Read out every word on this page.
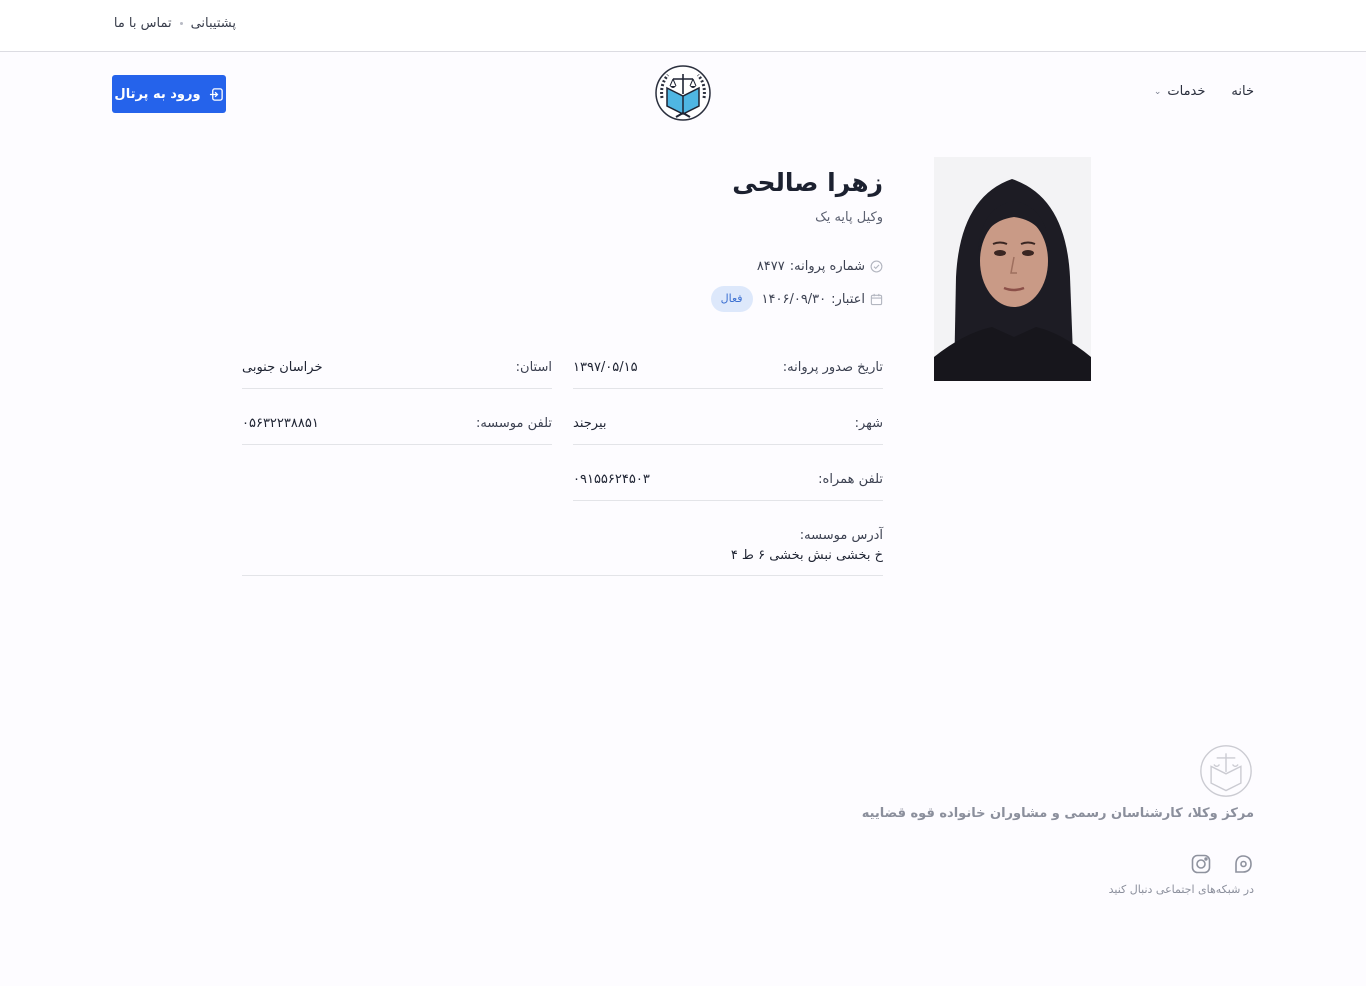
پشتیبانی
تماس با ما
خانه
خدمات
⌄
ورود به پرتال
زهرا صالحی
وکیل پایه یک
شماره پروانه:
۸۴۷۷
اعتبار:
۱۴۰۶/۰۹/۳۰
فعال
تاریخ صدور پروانه:
۱۳۹۷/۰۵/۱۵
استان:
خراسان جنوبی
شهر:
بیرجند
تلفن موسسه:
۰۵۶۳۲۲۳۸۸۵۱
تلفن همراه:
۰۹۱۵۵۶۲۴۵۰۳
آدرس موسسه:
خ بخشی نبش بخشی ۶ ط ۴
مرکز وکلا، کارشناسان رسمی و مشاوران خانواده قوه قضاییه
در شبکه‌های اجتماعی دنبال کنید
